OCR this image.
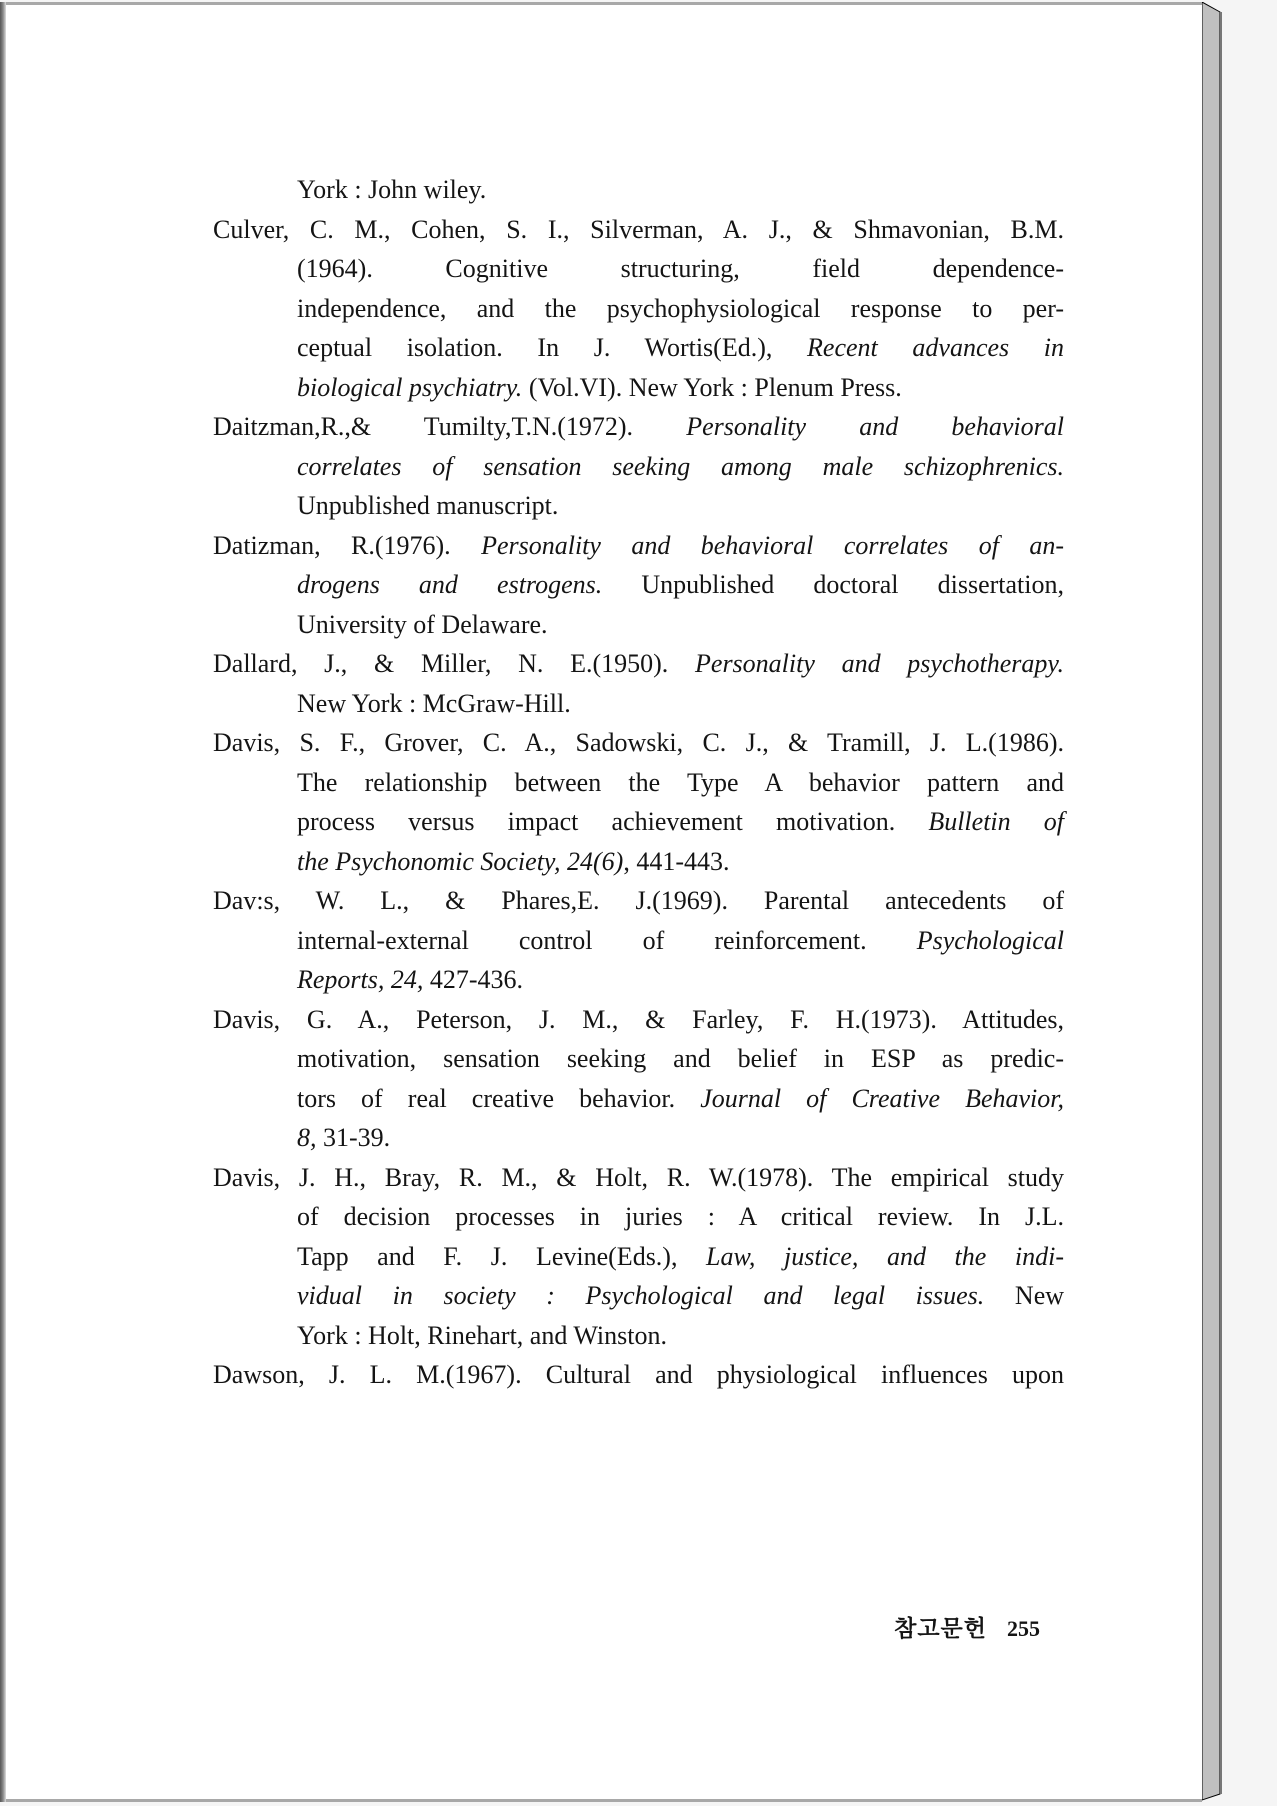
York : John wiley.
Culver, C. M., Cohen, S. I., Silverman, A. J., & Shmavonian, B.M.
(1964). Cognitive structuring, field dependence-
independence, and the psychophysiological response to per-
ceptual isolation. In J. Wortis(Ed.), Recent advances in
biological psychiatry. (Vol.VI). New York : Plenum Press.
Daitzman,R.,& Tumilty,T.N.(1972). Personality and behavioral
correlates of sensation seeking among male schizophrenics.
Unpublished manuscript.
Datizman, R.(1976). Personality and behavioral correlates of an-
drogens and estrogens. Unpublished doctoral dissertation,
University of Delaware.
Dallard, J., & Miller, N. E.(1950). Personality and psychotherapy.
New York : McGraw-Hill.
Davis, S. F., Grover, C. A., Sadowski, C. J., & Tramill, J. L.(1986).
The relationship between the Type A behavior pattern and
process versus impact achievement motivation. Bulletin of
the Psychonomic Society, 24(6), 441-443.
Dav:s, W. L., & Phares,E. J.(1969). Parental antecedents of
internal-external control of reinforcement. Psychological
Reports, 24, 427-436.
Davis, G. A., Peterson, J. M., & Farley, F. H.(1973). Attitudes,
motivation, sensation seeking and belief in ESP as predic-
tors of real creative behavior. Journal of Creative Behavior,
8, 31-39.
Davis, J. H., Bray, R. M., & Holt, R. W.(1978). The empirical study
of decision processes in juries : A critical review. In J.L.
Tapp and F. J. Levine(Eds.), Law, justice, and the indi-
vidual in society : Psychological and legal issues. New
York : Holt, Rinehart, and Winston.
Dawson, J. L. M.(1967). Cultural and physiological influences upon
참고문헌 255
